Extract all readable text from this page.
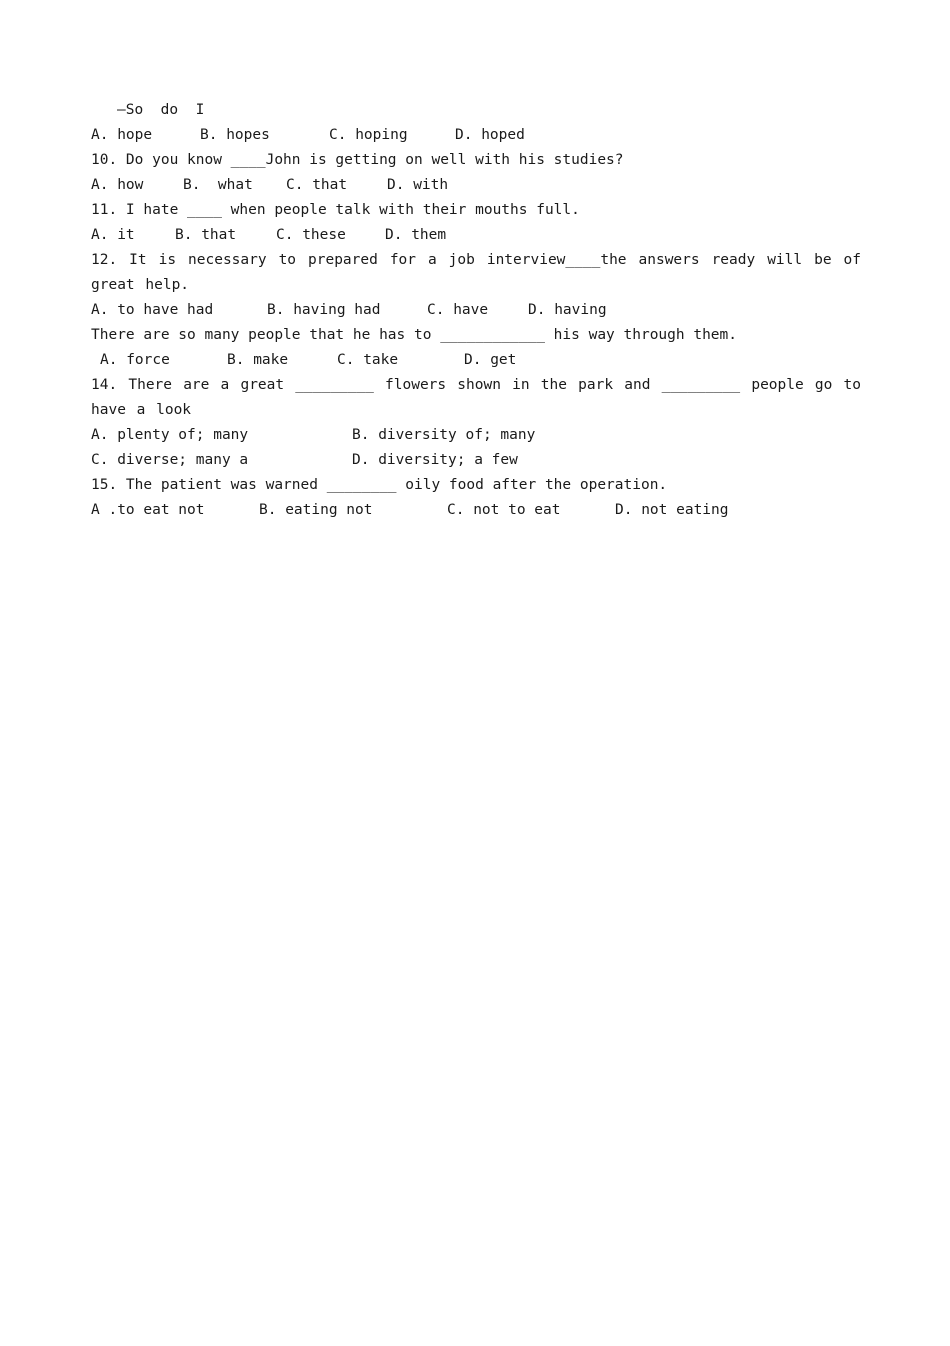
—So  do  I
A. hope	B. hopes	C. hoping	D. hoped
10. Do you know ____John is getting on well with his studies?
A. how	B.  what	C. that	D. with
11. I hate ____ when people talk with their mouths full.
A. it	B. that	C. these	D. them
12. It is necessary to prepared for a job interview____the answers ready will be of great help.
A. to have had	B. having had	C. have	D. having
There are so many people that he has to ____________ his way through them.
A. force	B. make	C. take	D. get
14. There are a great _________ flowers shown in the park and _________ people go to have a look
A. plenty of; many	B. diversity of; many
C. diverse; many a	D. diversity; a few
15. The patient was warned ________ oily food after the operation.
A .to eat not	B. eating not	C. not to eat	D. not eating
